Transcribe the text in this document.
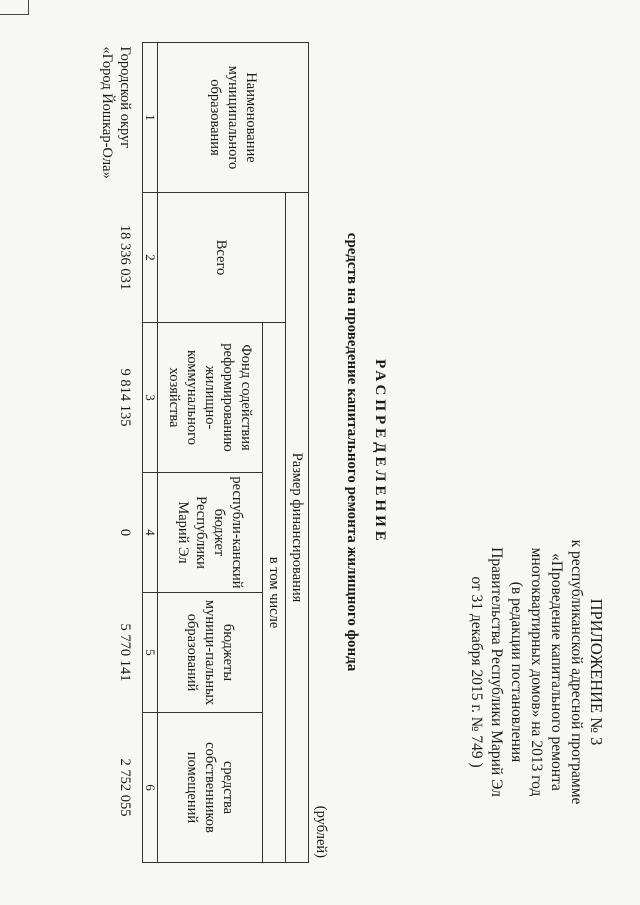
ПРИЛОЖЕНИЕ № 3
к республиканской адресной программе
«Проведение капитального ремонта
многоквартирных домов» на 2013 год
(в редакции постановления
Правительства Республики Марий Эл
от 31 декабря 2015 г. № 749 )
РАСПРЕДЕЛЕНИЕ
средств на проведение капитального ремонта жилищного фонда
(рублей)
Наименование муниципального образования	Размер финансирования				
	Всего	в том числе			
		Фонд содействия реформированию жилищно-коммунального хозяйства	республи-канский бюджет Республики Марий Эл	бюджеты муници-пальных образований	средства собственников помещений
1	2	3	4	5	6
Городской округ «Город Йошкар-Ола»	18 336 031	9 814 135	0	5 770 141	2 752 055
